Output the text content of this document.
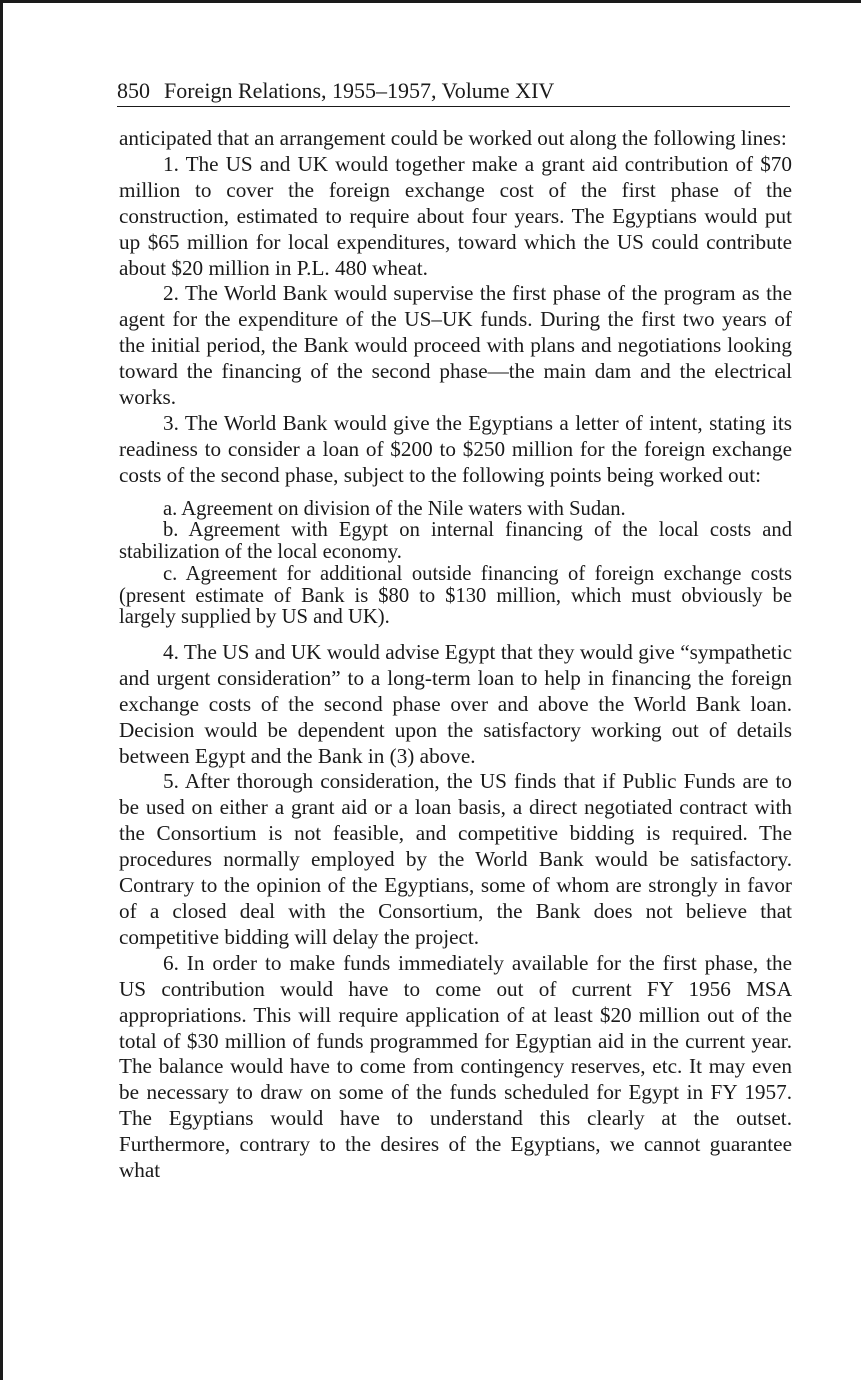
850 Foreign Relations, 1955–1957, Volume XIV

anticipated that an arrangement could be worked out along the following lines:

1. The US and UK would together make a grant aid contribution of $70 million to cover the foreign exchange cost of the first phase of the construction, estimated to require about four years. The Egyptians would put up $65 million for local expenditures, toward which the US could contribute about $20 million in P.L. 480 wheat.

2. The World Bank would supervise the first phase of the program as the agent for the expenditure of the US–UK funds. During the first two years of the initial period, the Bank would proceed with plans and negotiations looking toward the financing of the second phase—the main dam and the electrical works.

3. The World Bank would give the Egyptians a letter of intent, stating its readiness to consider a loan of $200 to $250 million for the foreign exchange costs of the second phase, subject to the following points being worked out:

a. Agreement on division of the Nile waters with Sudan.

b. Agreement with Egypt on internal financing of the local costs and stabilization of the local economy.

c. Agreement for additional outside financing of foreign exchange costs (present estimate of Bank is $80 to $130 million, which must obviously be largely supplied by US and UK).

4. The US and UK would advise Egypt that they would give “sympathetic and urgent consideration” to a long-term loan to help in financing the foreign exchange costs of the second phase over and above the World Bank loan. Decision would be dependent upon the satisfactory working out of details between Egypt and the Bank in (3) above.

5. After thorough consideration, the US finds that if Public Funds are to be used on either a grant aid or a loan basis, a direct negotiated contract with the Consortium is not feasible, and competitive bidding is required. The procedures normally employed by the World Bank would be satisfactory. Contrary to the opinion of the Egyptians, some of whom are strongly in favor of a closed deal with the Consortium, the Bank does not believe that competitive bidding will delay the project.

6. In order to make funds immediately available for the first phase, the US contribution would have to come out of current FY 1956 MSA appropriations. This will require application of at least $20 million out of the total of $30 million of funds programmed for Egyptian aid in the current year. The balance would have to come from contingency reserves, etc. It may even be necessary to draw on some of the funds scheduled for Egypt in FY 1957. The Egyptians would have to understand this clearly at the outset. Furthermore, contrary to the desires of the Egyptians, we cannot guarantee what
